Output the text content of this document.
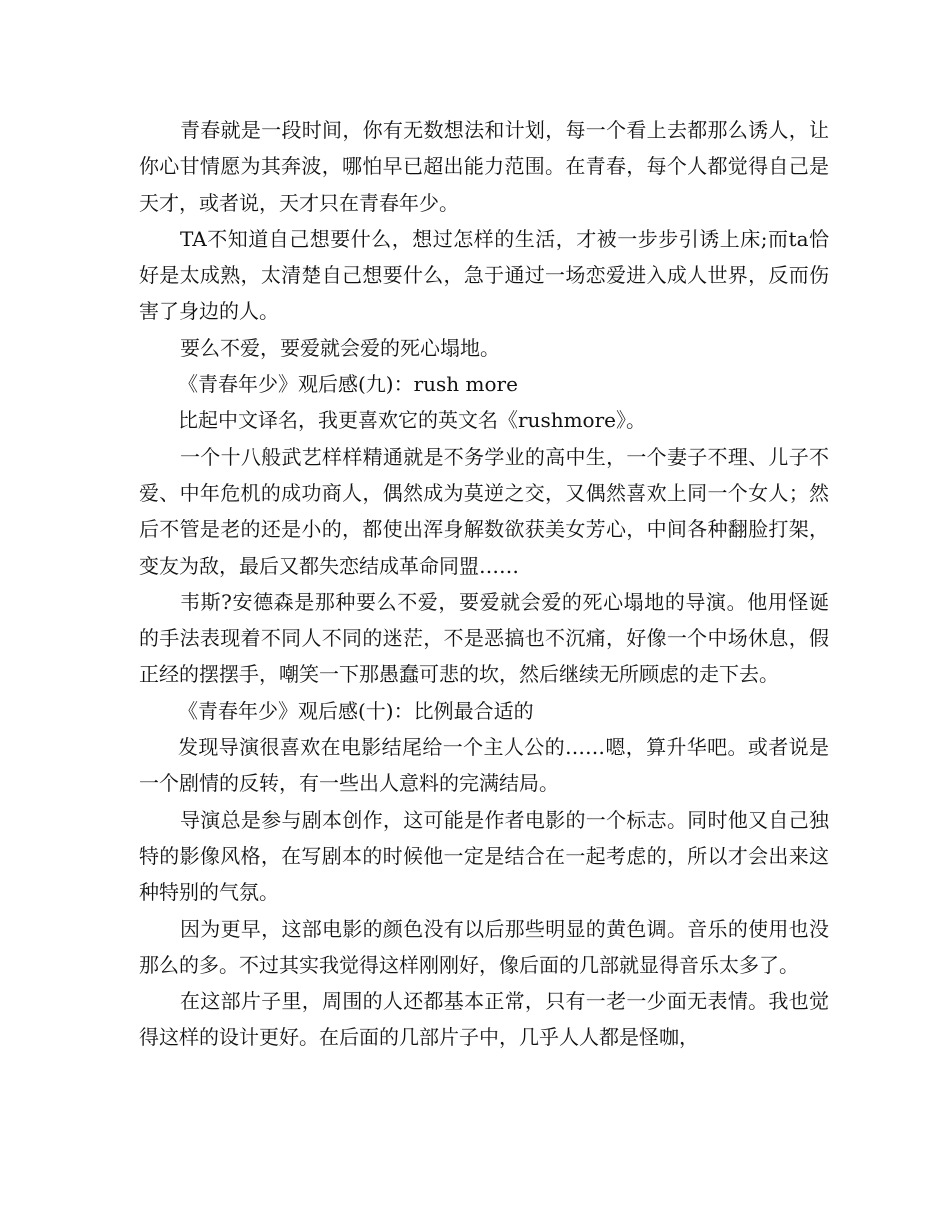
青春就是一段时间，你有无数想法和计划，每一个看上去都那么诱人，让你心甘情愿为其奔波，哪怕早已超出能力范围。在青春，每个人都觉得自己是天才，或者说，天才只在青春年少。

TA不知道自己想要什么，想过怎样的生活，才被一步步引诱上床;而ta恰好是太成熟，太清楚自己想要什么，急于通过一场恋爱进入成人世界，反而伤害了身边的人。

要么不爱，要爱就会爱的死心塌地。

《青春年少》观后感(九)：rush more

比起中文译名，我更喜欢它的英文名《rushmore》。

一个十八般武艺样样精通就是不务学业的高中生，一个妻子不理、儿子不爱、中年危机的成功商人，偶然成为莫逆之交，又偶然喜欢上同一个女人；然后不管是老的还是小的，都使出浑身解数欲获美女芳心，中间各种翻脸打架，变友为敌，最后又都失恋结成革命同盟……

韦斯?安德森是那种要么不爱，要爱就会爱的死心塌地的导演。他用怪诞的手法表现着不同人不同的迷茫，不是恶搞也不沉痛，好像一个中场休息，假正经的摆摆手，嘲笑一下那愚蠢可悲的坎，然后继续无所顾虑的走下去。

《青春年少》观后感(十)：比例最合适的

发现导演很喜欢在电影结尾给一个主人公的……嗯，算升华吧。或者说是一个剧情的反转，有一些出人意料的完满结局。

导演总是参与剧本创作，这可能是作者电影的一个标志。同时他又自己独特的影像风格，在写剧本的时候他一定是结合在一起考虑的，所以才会出来这种特别的气氛。

因为更早，这部电影的颜色没有以后那些明显的黄色调。音乐的使用也没那么的多。不过其实我觉得这样刚刚好，像后面的几部就显得音乐太多了。

在这部片子里，周围的人还都基本正常，只有一老一少面无表情。我也觉得这样的设计更好。在后面的几部片子中，几乎人人都是怪咖，
